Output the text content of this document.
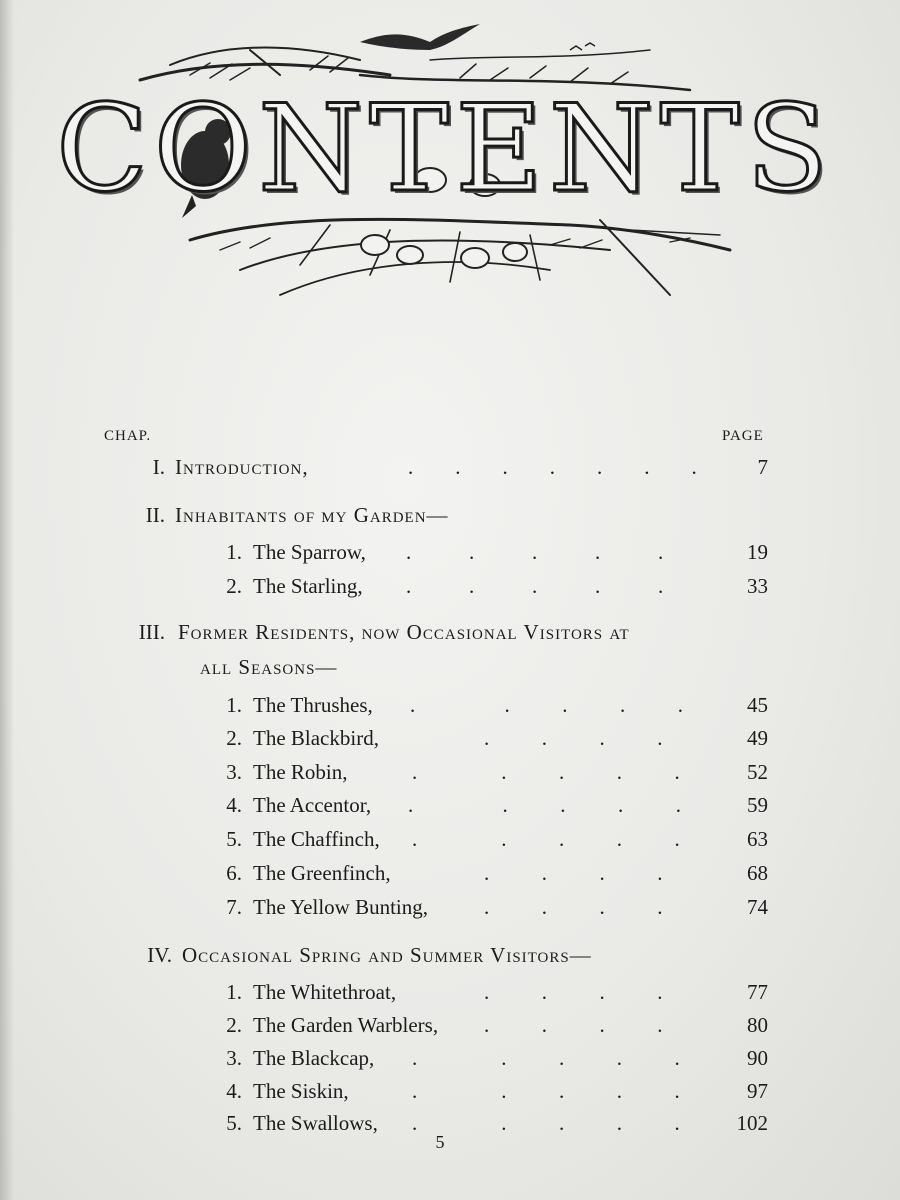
CONTENTS
CHAP.	PAGE
I. Introduction,	.        .        .        .        .        .        .	7
II. Inhabitants of my Garden—
1. The Sparrow, .           .           .           .           .	19
2. The Starling, .           .           .           .           .	33
III. Former Residents, now Occasional Visitors at
all Seasons—
1. The Thrushes, .                 .          .          .          .	45
2. The Blackbird,	.          .          .          .	49
3. The Robin,	.                .          .          .          .	52
4. The Accentor, .                 .          .          .          .	59
5. The Chaffinch, .                .          .          .          .	63
6. The Greenfinch,	.          .          .          .	68
7. The Yellow Bunting,	.          .          .          .	74
IV. Occasional Spring and Summer Visitors—
1. The Whitethroat,	.          .          .          .	77
2. The Garden Warblers, .          .          .          .	80
3. The Blackcap, .                .          .          .          .	90
4. The Siskin,	.                .          .          .          .	97
5. The Swallows, .                .          .          .          .	102
5
